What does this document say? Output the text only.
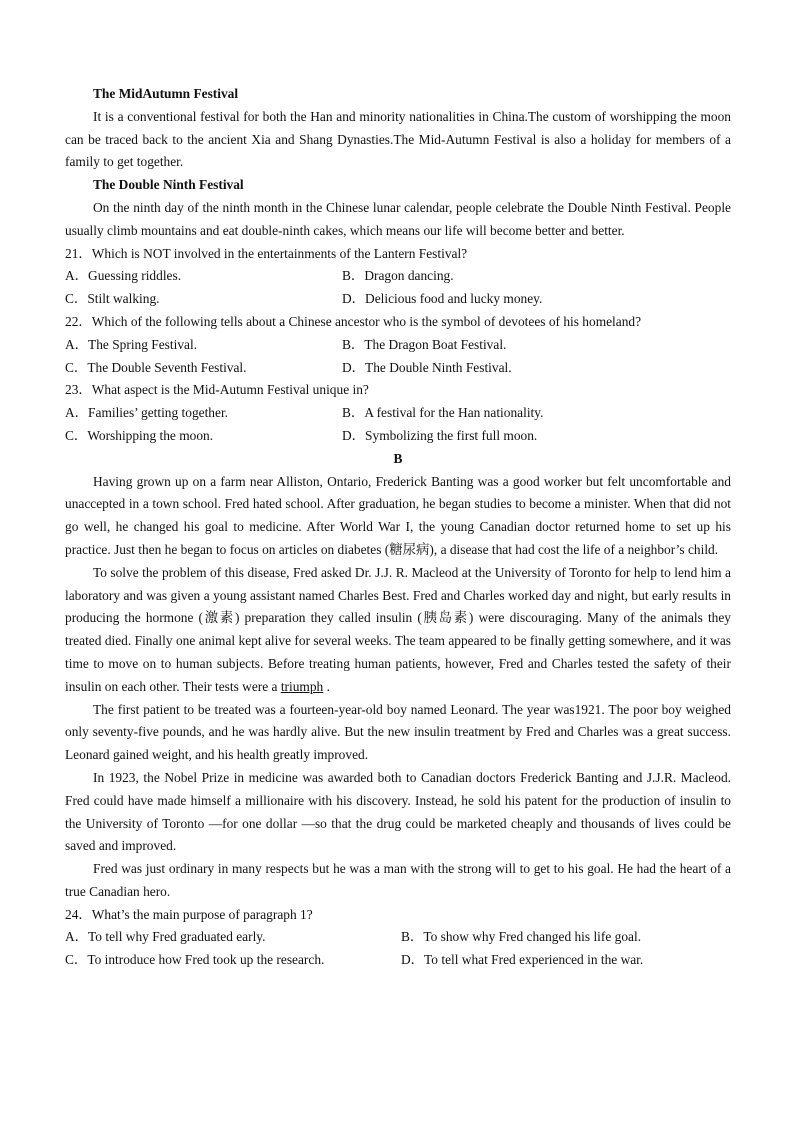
The MidAutumn Festival

It is a conventional festival for both the Han and minority nationalities in China.The custom of worshipping the moon can be traced back to the ancient Xia and Shang Dynasties.The Mid-Autumn Festival is also a holiday for members of a family to get together.

The Double Ninth Festival

On the ninth day of the ninth month in the Chinese lunar calendar, people celebrate the Double Ninth Festival. People usually climb mountains and eat double-ninth cakes, which means our life will become better and better.

21．Which is NOT involved in the entertainments of the Lantern Festival?

A．Guessing riddles.	B．Dragon dancing.
C．Stilt walking.	D．Delicious food and lucky money.

22．Which of the following tells about a Chinese ancestor who is the symbol of devotees of his homeland?

A．The Spring Festival.	B．The Dragon Boat Festival.
C．The Double Seventh Festival.	D．The Double Ninth Festival.

23．What aspect is the Mid-Autumn Festival unique in?

A．Families’ getting together.	B．A festival for the Han nationality.
C．Worshipping the moon.	D．Symbolizing the first full moon.

B

Having grown up on a farm near Alliston, Ontario, Frederick Banting was a good worker but felt uncomfortable and unaccepted in a town school. Fred hated school. After graduation, he began studies to become a minister. When that did not go well, he changed his goal to medicine. After World War I, the young Canadian doctor returned home to set up his practice. Just then he began to focus on articles on diabetes (糖尿病), a disease that had cost the life of a neighbor’s child.

To solve the problem of this disease, Fred asked Dr. J.J. R. Macleod at the University of Toronto for help to lend him a laboratory and was given a young assistant named Charles Best. Fred and Charles worked day and night, but early results in producing the hormone (激素) preparation they called insulin (胰岛素) were discouraging. Many of the animals they treated died. Finally one animal kept alive for several weeks. The team appeared to be finally getting somewhere, and it was time to move on to human subjects. Before treating human patients, however, Fred and Charles tested the safety of their insulin on each other. Their tests were a triumph .

The first patient to be treated was a fourteen-year-old boy named Leonard. The year was1921. The poor boy weighed only seventy-five pounds, and he was hardly alive. But the new insulin treatment by Fred and Charles was a great success. Leonard gained weight, and his health greatly improved.

In 1923, the Nobel Prize in medicine was awarded both to Canadian doctors Frederick Banting and J.J.R. Macleod. Fred could have made himself a millionaire with his discovery. Instead, he sold his patent for the production of insulin to the University of Toronto —for one dollar —so that the drug could be marketed cheaply and thousands of lives could be saved and improved.

Fred was just ordinary in many respects but he was a man with the strong will to get to his goal. He had the heart of a true Canadian hero.

24．What’s the main purpose of paragraph 1?

A．To tell why Fred graduated early.	B．To show why Fred changed his life goal.
C．To introduce how Fred took up the research.	D．To tell what Fred experienced in the war.
